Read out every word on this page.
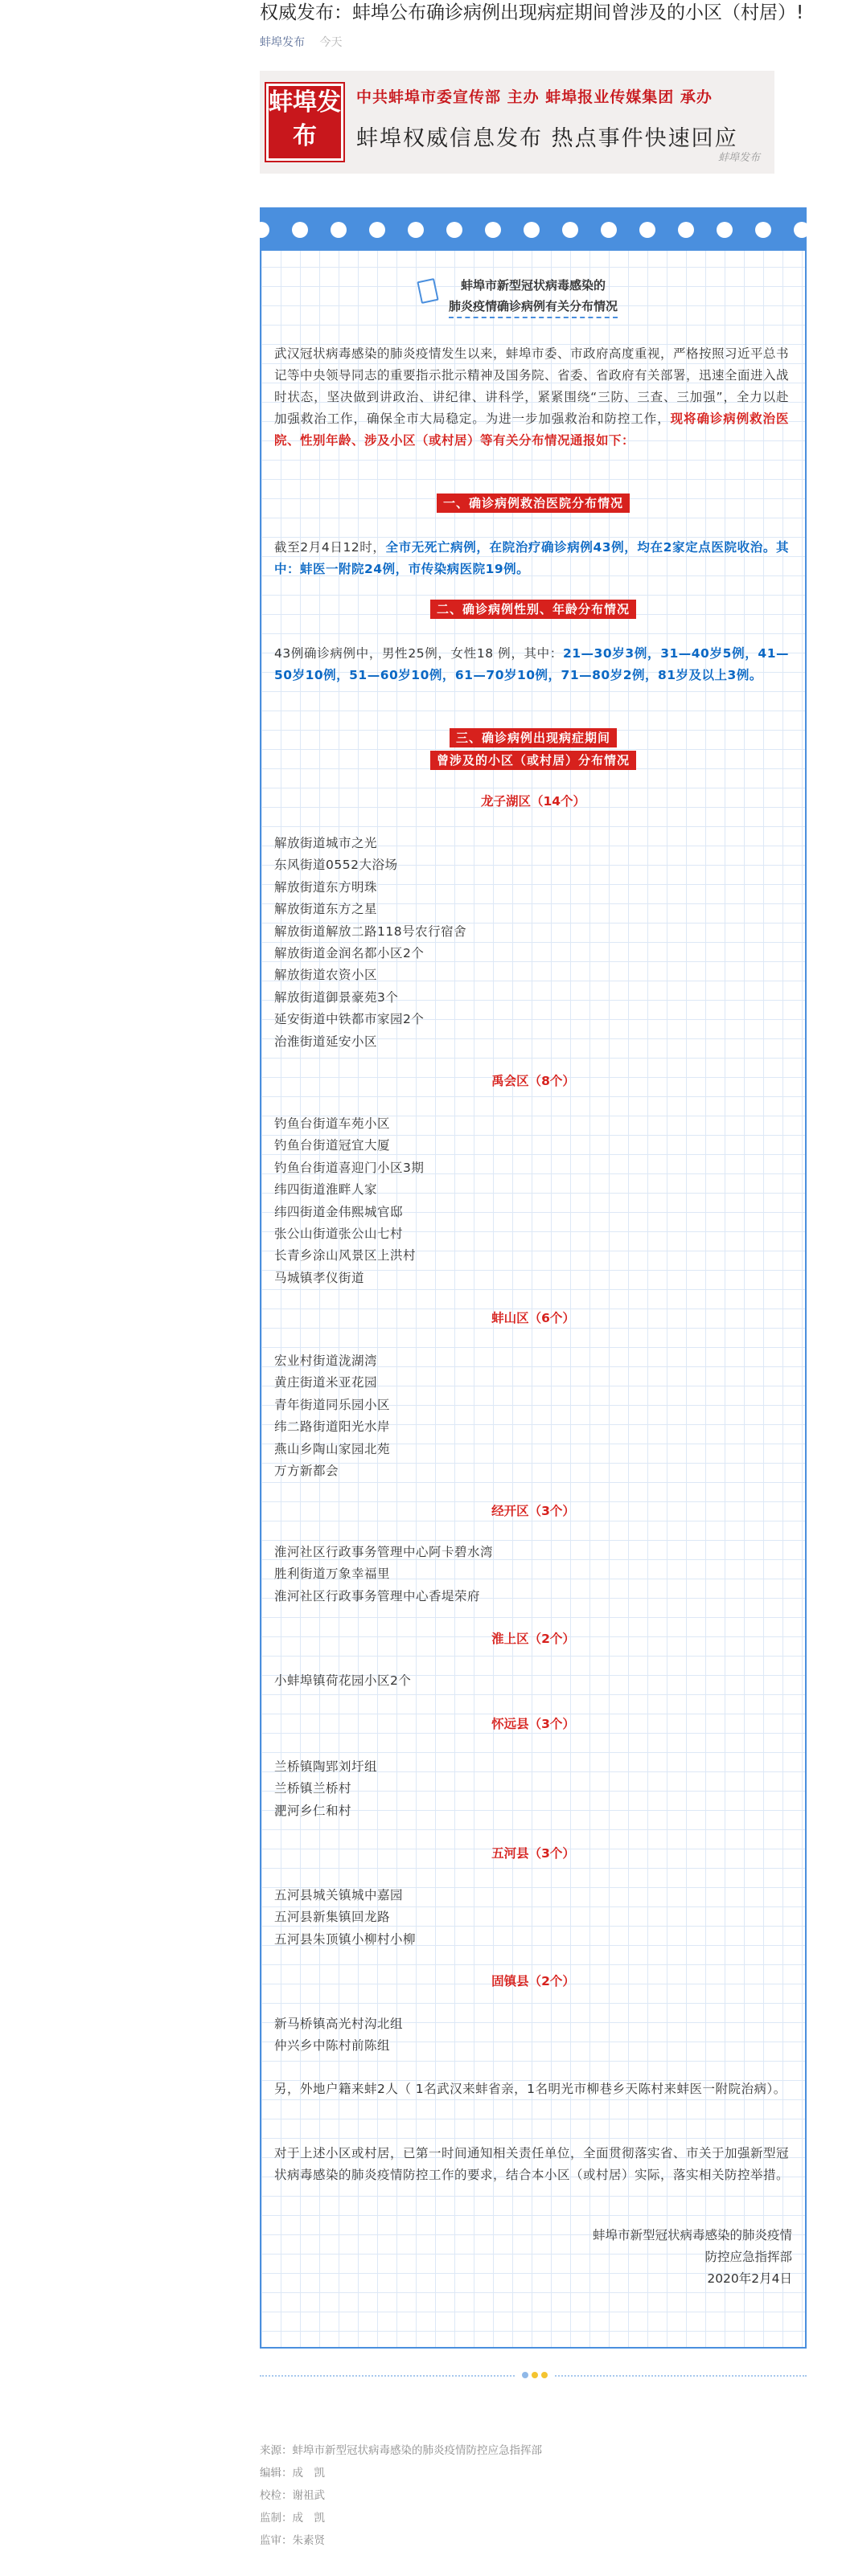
权威发布：蚌埠公布确诊病例出现病症期间曾涉及的小区（村居）!
蚌埠发布 今天
蚌埠发布
中共蚌埠市委宣传部 主办 蚌埠报业传媒集团 承办
蚌埠权威信息发布 热点事件快速回应
蚌埠发布
蚌埠市新型冠状病毒感染的
肺炎疫情确诊病例有关分布情况

武汉冠状病毒感染的肺炎疫情发生以来，蚌埠市委、市政府高度重视，严格按照习近平总书记等中央领导同志的重要指示批示精神及国务院、省委、省政府有关部署，迅速全面进入战时状态，坚决做到讲政治、讲纪律、讲科学，紧紧围绕“三防、三查、三加强”，全力以赴加强救治工作，确保全市大局稳定。为进一步加强救治和防控工作，现将确诊病例救治医院、性别年龄、涉及小区（或村居）等有关分布情况通报如下：

一、确诊病例救治医院分布情况

截至2月4日12时，全市无死亡病例，在院治疗确诊病例43例，均在2家定点医院收治。其中：蚌医一附院24例，市传染病医院19例。

二、确诊病例性别、年龄分布情况

43例确诊病例中，男性25例，女性18 例，其中：21—30岁3例，31—40岁5例，41—50岁10例，51—60岁10例，61—70岁10例，71—80岁2例，81岁及以上3例。

三、确诊病例出现病症期间
曾涉及的小区（或村居）分布情况
龙子湖区（14个）
解放街道城市之光
东风街道0552大浴场
解放街道东方明珠
解放街道东方之星
解放街道解放二路118号农行宿舍
解放街道金润名都小区2个
解放街道农资小区
解放街道御景豪苑3个
延安街道中铁都市家园2个
治淮街道延安小区
禹会区（8个）
钓鱼台街道车苑小区
钓鱼台街道冠宜大厦
钓鱼台街道喜迎门小区3期
纬四街道淮畔人家
纬四街道金伟熙城官邸
张公山街道张公山七村
长青乡涂山风景区上洪村
马城镇孝仪街道
蚌山区（6个）
宏业村街道泷湖湾
黄庄街道米亚花园
青年街道同乐园小区
纬二路街道阳光水岸
燕山乡陶山家园北苑
万方新都会
经开区（3个）
淮河社区行政事务管理中心阿卡碧水湾
胜利街道万象幸福里
淮河社区行政事务管理中心香堤荣府
淮上区（2个）
小蚌埠镇荷花园小区2个
怀远县（3个）
兰桥镇陶郢刘圩组
兰桥镇兰桥村
淝河乡仁和村
五河县（3个）
五河县城关镇城中嘉园
五河县新集镇回龙路
五河县朱顶镇小柳村小柳
固镇县（2个）
新马桥镇高光村沟北组
仲兴乡中陈村前陈组

另，外地户籍来蚌2人（ 1名武汉来蚌省亲，1名明光市柳巷乡天陈村来蚌医一附院治病）。

对于上述小区或村居，已第一时间通知相关责任单位，全面贯彻落实省、市关于加强新型冠状病毒感染的肺炎疫情防控工作的要求，结合本小区（或村居）实际，落实相关防控举措。

蚌埠市新型冠状病毒感染的肺炎疫情
防控应急指挥部
2020年2月4日
来源：蚌埠市新型冠状病毒感染的肺炎疫情防控应急指挥部
编辑：成　凯
校检：谢祖武
监制：成　凯
监审：朱素贤
